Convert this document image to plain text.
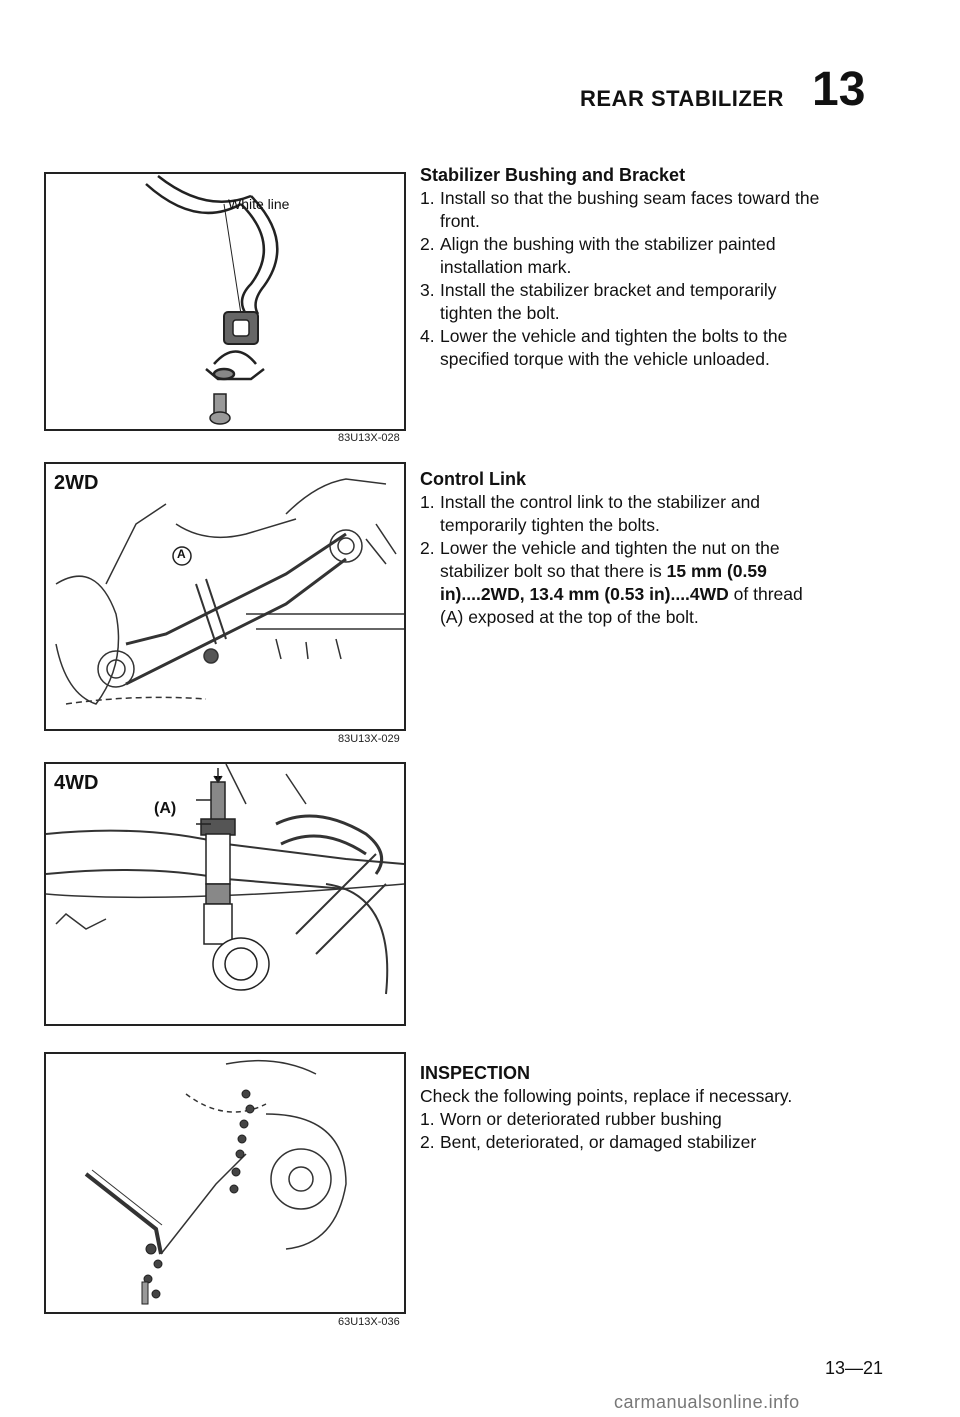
REAR STABILIZER 13
White line
83U13X-028
2WD
A
83U13X-029
4WD
(A)
63U13X-036
Stabilizer Bushing and Bracket
1. Install so that the bushing seam faces toward the front.
2. Align the bushing with the stabilizer painted installation mark.
3. Install the stabilizer bracket and temporarily tighten the bolt.
4. Lower the vehicle and tighten the bolts to the specified torque with the vehicle unloaded.
Control Link
1. Install the control link to the stabilizer and temporarily tighten the bolts.
2. Lower the vehicle and tighten the nut on the stabilizer bolt so that there is 15 mm (0.59 in)....2WD, 13.4 mm (0.53 in)....4WD of thread (A) exposed at the top of the bolt.
INSPECTION

Check the following points, replace if necessary.

1. Worn or deteriorated rubber bushing
2. Bent, deteriorated, or damaged stabilizer
13—21
carmanualsonline.info
